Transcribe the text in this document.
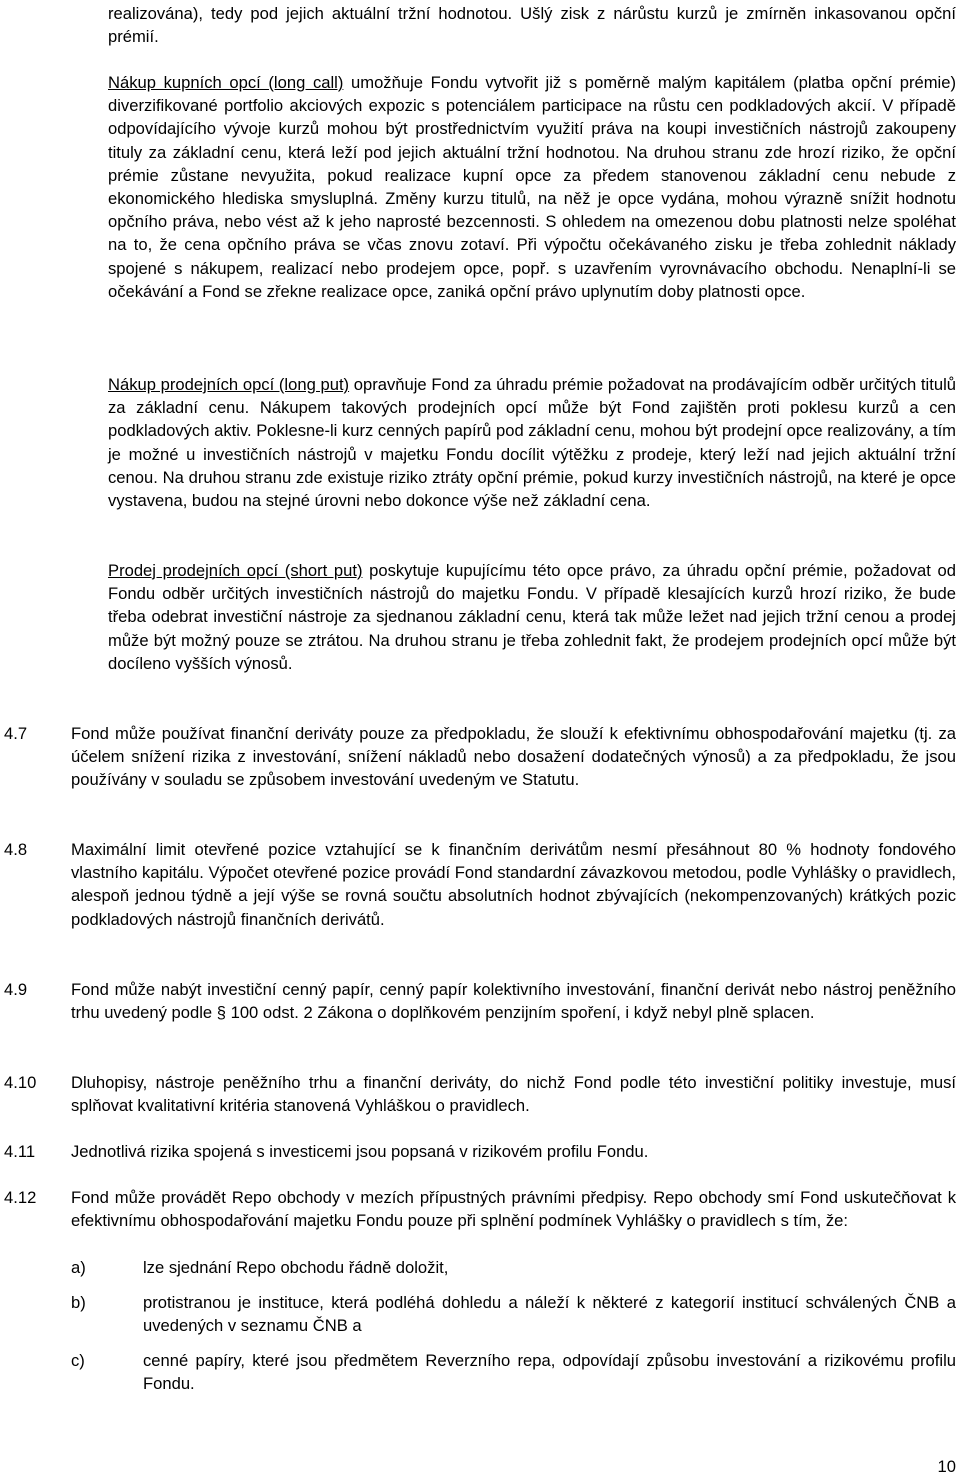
realizována), tedy pod jejich aktuální tržní hodnotou. Ušlý zisk z nárůstu kurzů je zmírněn inkasovanou opční prémií.

Nákup kupních opcí (long call) umožňuje Fondu vytvořit již s poměrně malým kapitálem (platba opční prémie) diverzifikované portfolio akciových expozic s potenciálem participace na růstu cen podkladových akcií. V případě odpovídajícího vývoje kurzů mohou být prostřednictvím využití práva na koupi investičních nástrojů zakoupeny tituly za základní cenu, která leží pod jejich aktuální tržní hodnotou. Na druhou stranu zde hrozí riziko, že opční prémie zůstane nevyužita, pokud realizace kupní opce za předem stanovenou základní cenu nebude z ekonomického hlediska smysluplná. Změny kurzu titulů, na něž je opce vydána, mohou výrazně snížit hodnotu opčního práva, nebo vést až k jeho naprosté bezcennosti. S ohledem na omezenou dobu platnosti nelze spoléhat na to, že cena opčního práva se včas znovu zotaví. Při výpočtu očekávaného zisku je třeba zohlednit náklady spojené s nákupem, realizací nebo prodejem opce, popř. s uzavřením vyrovnávacího obchodu. Nenaplní-li se očekávání a Fond se zřekne realizace opce, zaniká opční právo uplynutím doby platnosti opce.

Nákup prodejních opcí (long put) opravňuje Fond za úhradu prémie požadovat na prodávajícím odběr určitých titulů za základní cenu. Nákupem takových prodejních opcí může být Fond zajištěn proti poklesu kurzů a cen podkladových aktiv. Poklesne-li kurz cenných papírů pod základní cenu, mohou být prodejní opce realizovány, a tím je možné u investičních nástrojů v majetku Fondu docílit výtěžku z prodeje, který leží nad jejich aktuální tržní cenou. Na druhou stranu zde existuje riziko ztráty opční prémie, pokud kurzy investičních nástrojů, na které je opce vystavena, budou na stejné úrovni nebo dokonce výše než základní cena.

Prodej prodejních opcí (short put) poskytuje kupujícímu této opce právo, za úhradu opční prémie, požadovat od Fondu odběr určitých investičních nástrojů do majetku Fondu. V případě klesajících kurzů hrozí riziko, že bude třeba odebrat investiční nástroje za sjednanou základní cenu, která tak může ležet nad jejich tržní cenou a prodej může být možný pouze se ztrátou. Na druhou stranu je třeba zohlednit fakt, že prodejem prodejních opcí může být docíleno vyšších výnosů.

4.7	Fond může používat finanční deriváty pouze za předpokladu, že slouží k efektivnímu obhospodařování majetku (tj. za účelem snížení rizika z investování, snížení nákladů nebo dosažení dodatečných výnosů) a za předpokladu, že jsou používány v souladu se způsobem investování uvedeným ve Statutu.

4.8	Maximální limit otevřené pozice vztahující se k finančním derivátům nesmí přesáhnout 80 % hodnoty fondového vlastního kapitálu. Výpočet otevřené pozice provádí Fond standardní závazkovou metodou, podle Vyhlášky o pravidlech, alespoň jednou týdně a její výše se rovná součtu absolutních hodnot zbývajících (nekompenzovaných) krátkých pozic podkladových nástrojů finančních derivátů.

4.9	Fond může nabýt investiční cenný papír, cenný papír kolektivního investování, finanční derivát nebo nástroj peněžního trhu uvedený podle § 100 odst. 2 Zákona o doplňkovém penzijním spoření, i když nebyl plně splacen.

4.10 Dluhopisy, nástroje peněžního trhu a finanční deriváty, do nichž Fond podle této investiční politiky investuje, musí splňovat kvalitativní kritéria stanovená Vyhláškou o pravidlech.

4.11 Jednotlivá rizika spojená s investicemi jsou popsaná v rizikovém profilu Fondu.

4.12 Fond může provádět Repo obchody v mezích přípustných právními předpisy. Repo obchody smí Fond uskutečňovat k efektivnímu obhospodařování majetku Fondu pouze při splnění podmínek Vyhlášky o pravidlech s tím, že:

a)	lze sjednání Repo obchodu řádně doložit,

b)	protistranou je instituce, která podléhá dohledu a náleží k některé z kategorií institucí schválených ČNB a uvedených v seznamu ČNB a

c)	cenné papíry, které jsou předmětem Reverzního repa, odpovídají způsobu investování a rizikovému profilu Fondu.

10
